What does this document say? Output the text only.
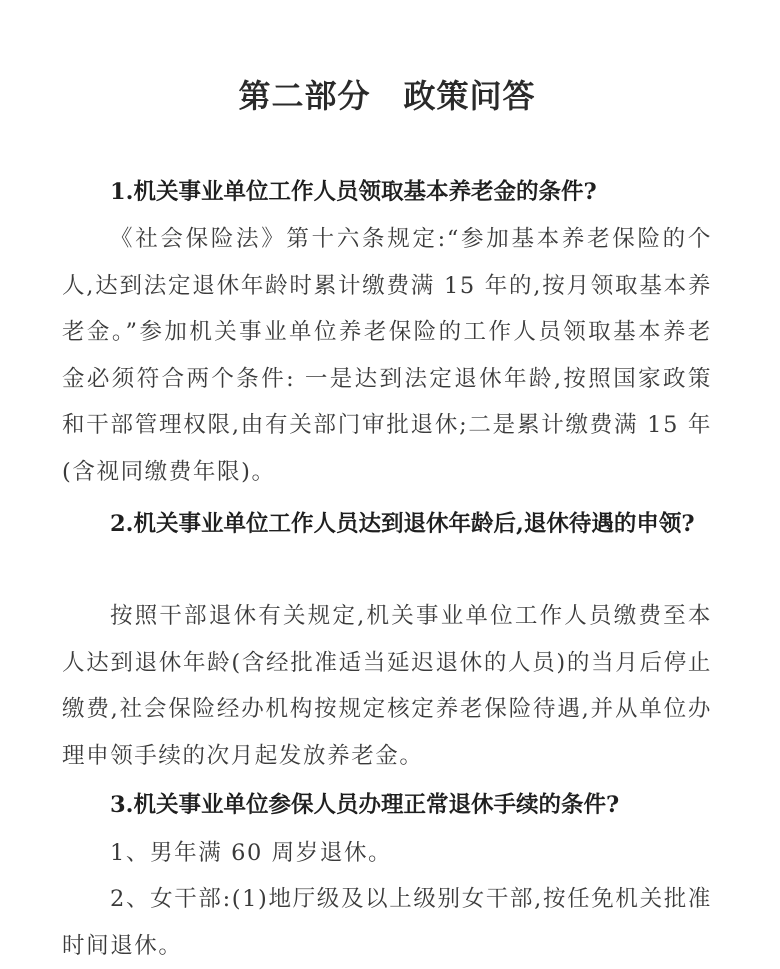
第二部分　政策问答
1.机关事业单位工作人员领取基本养老金的条件?
《社会保险法》第十六条规定:“参加基本养老保险的个人,达到法定退休年龄时累计缴费满 15 年的,按月领取基本养老金。”参加机关事业单位养老保险的工作人员领取基本养老金必须符合两个条件: 一是达到法定退休年龄,按照国家政策和干部管理权限,由有关部门审批退休;二是累计缴费满 15 年(含视同缴费年限)。
2.机关事业单位工作人员达到退休年龄后,退休待遇的申领?
按照干部退休有关规定,机关事业单位工作人员缴费至本人达到退休年龄(含经批准适当延迟退休的人员)的当月后停止缴费,社会保险经办机构按规定核定养老保险待遇,并从单位办理申领手续的次月起发放养老金。
3.机关事业单位参保人员办理正常退休手续的条件?
1、男年满 60 周岁退休。
2、女干部:(1)地厅级及以上级别女干部,按任免机关批准时间退休。
